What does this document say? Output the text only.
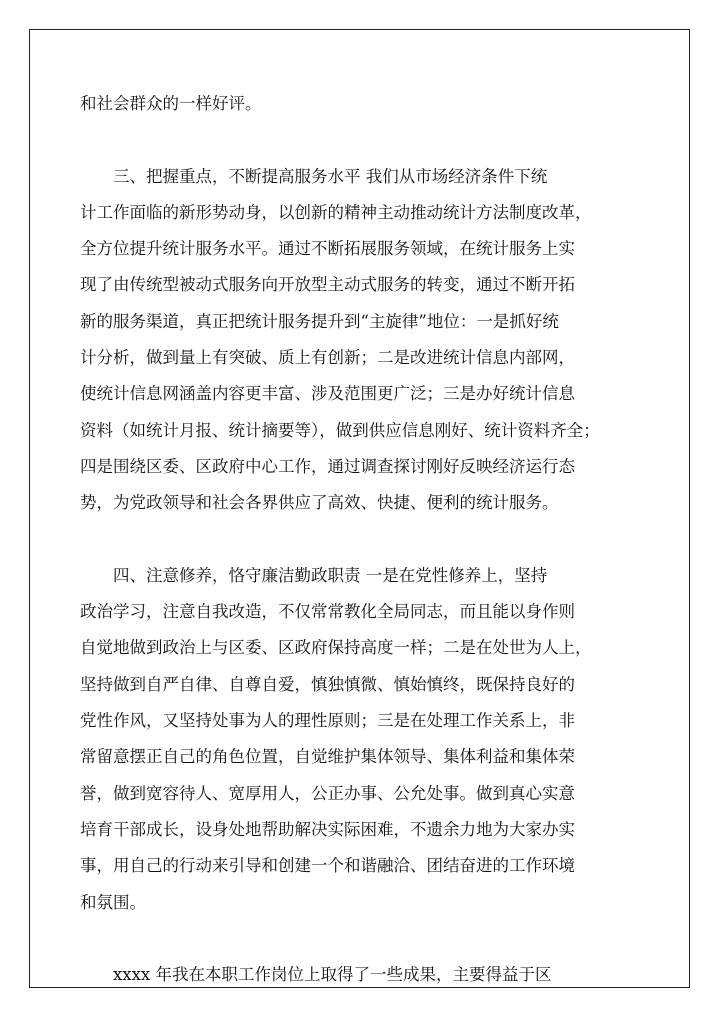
和社会群众的一样好评。
　　三、把握重点，不断提高服务水平 我们从市场经济条件下统
计工作面临的新形势动身，以创新的精神主动推动统计方法制度改革，
全方位提升统计服务水平。通过不断拓展服务领域，在统计服务上实
现了由传统型被动式服务向开放型主动式服务的转变，通过不断开拓
新的服务渠道，真正把统计服务提升到“主旋律”地位：一是抓好统
计分析，做到量上有突破、质上有创新；二是改进统计信息内部网，
使统计信息网涵盖内容更丰富、涉及范围更广泛；三是办好统计信息
资料（如统计月报、统计摘要等），做到供应信息刚好、统计资料齐全；
四是围绕区委、区政府中心工作，通过调查探讨刚好反映经济运行态
势，为党政领导和社会各界供应了高效、快捷、便利的统计服务。
　　四、注意修养，恪守廉洁勤政职责 一是在党性修养上，坚持
政治学习，注意自我改造，不仅常常教化全局同志，而且能以身作则
自觉地做到政治上与区委、区政府保持高度一样；二是在处世为人上，
坚持做到自严自律、自尊自爱，慎独慎微、慎始慎终，既保持良好的
党性作风，又坚持处事为人的理性原则；三是在处理工作关系上，非
常留意摆正自己的角色位置，自觉维护集体领导、集体利益和集体荣
誉，做到宽容待人、宽厚用人，公正办事、公允处事。做到真心实意
培育干部成长，设身处地帮助解决实际困难，不遗余力地为大家办实
事，用自己的行动来引导和创建一个和谐融洽、团结奋进的工作环境
和氛围。
　　xxxx 年我在本职工作岗位上取得了一些成果，主要得益于区
